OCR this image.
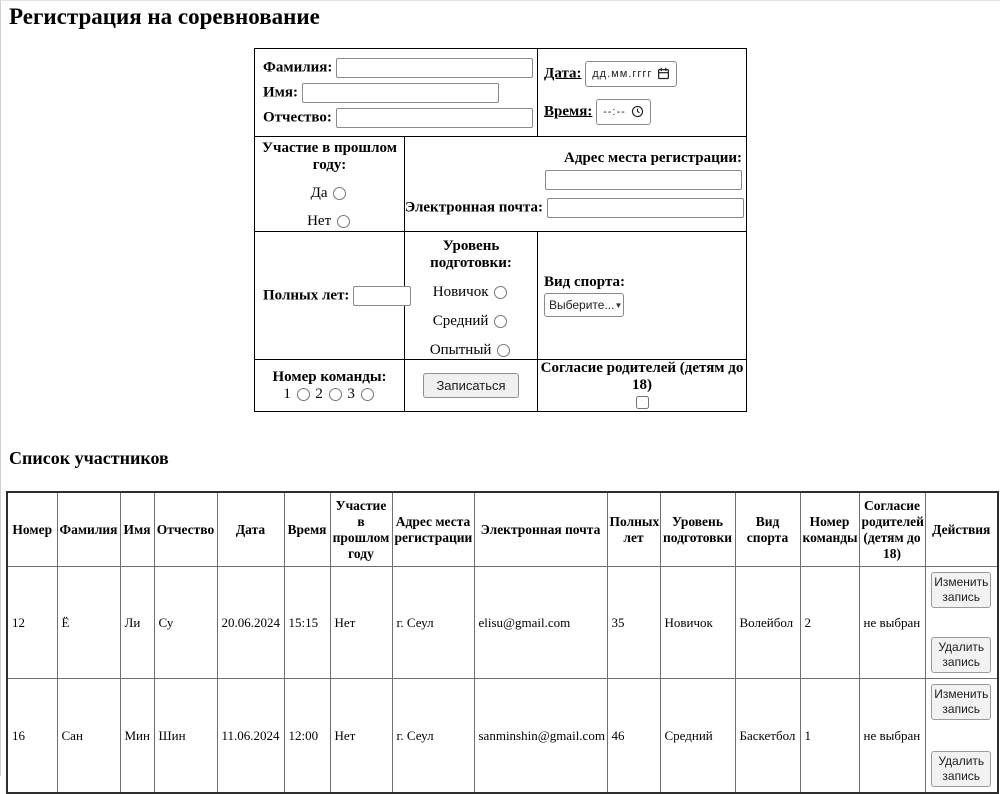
Регистрация на соревнование
Фамилия:
Имя:
Отчество:

Дата: дд.мм.гггг
Время: --:--

Участие в прошлом году:
Да
Нет

Адрес места регистрации:
Электронная почта:

Полных лет:
	Уровень подготовки:
Новичок
Средний
Опытный

Вид спорта:
Выберите... ▼

Номер команды:
1 2 3	Записаться	Согласие родителей (детям до 18)
Список участников
Номер	Фамилия	Имя	Отчество	Дата	Время	Участие в прошлом году	Адрес места регистрации	Электронная почта	Полных лет	Уровень подготовки	Вид спорта	Номер команды	Согласие родителей (детям до 18)	Действия
12	Ё	Ли	Су	20.06.2024	15:15	Нет	г. Сеул	elisu@gmail.com	35	Новичок	Волейбол	2	не выбран	Изменить запись
Удалить запись

16	Сан	Мин	Шин	11.06.2024	12:00	Нет	г. Сеул	sanminshin@gmail.com	46	Средний	Баскетбол	1	не выбран	Изменить запись
Удалить запись
